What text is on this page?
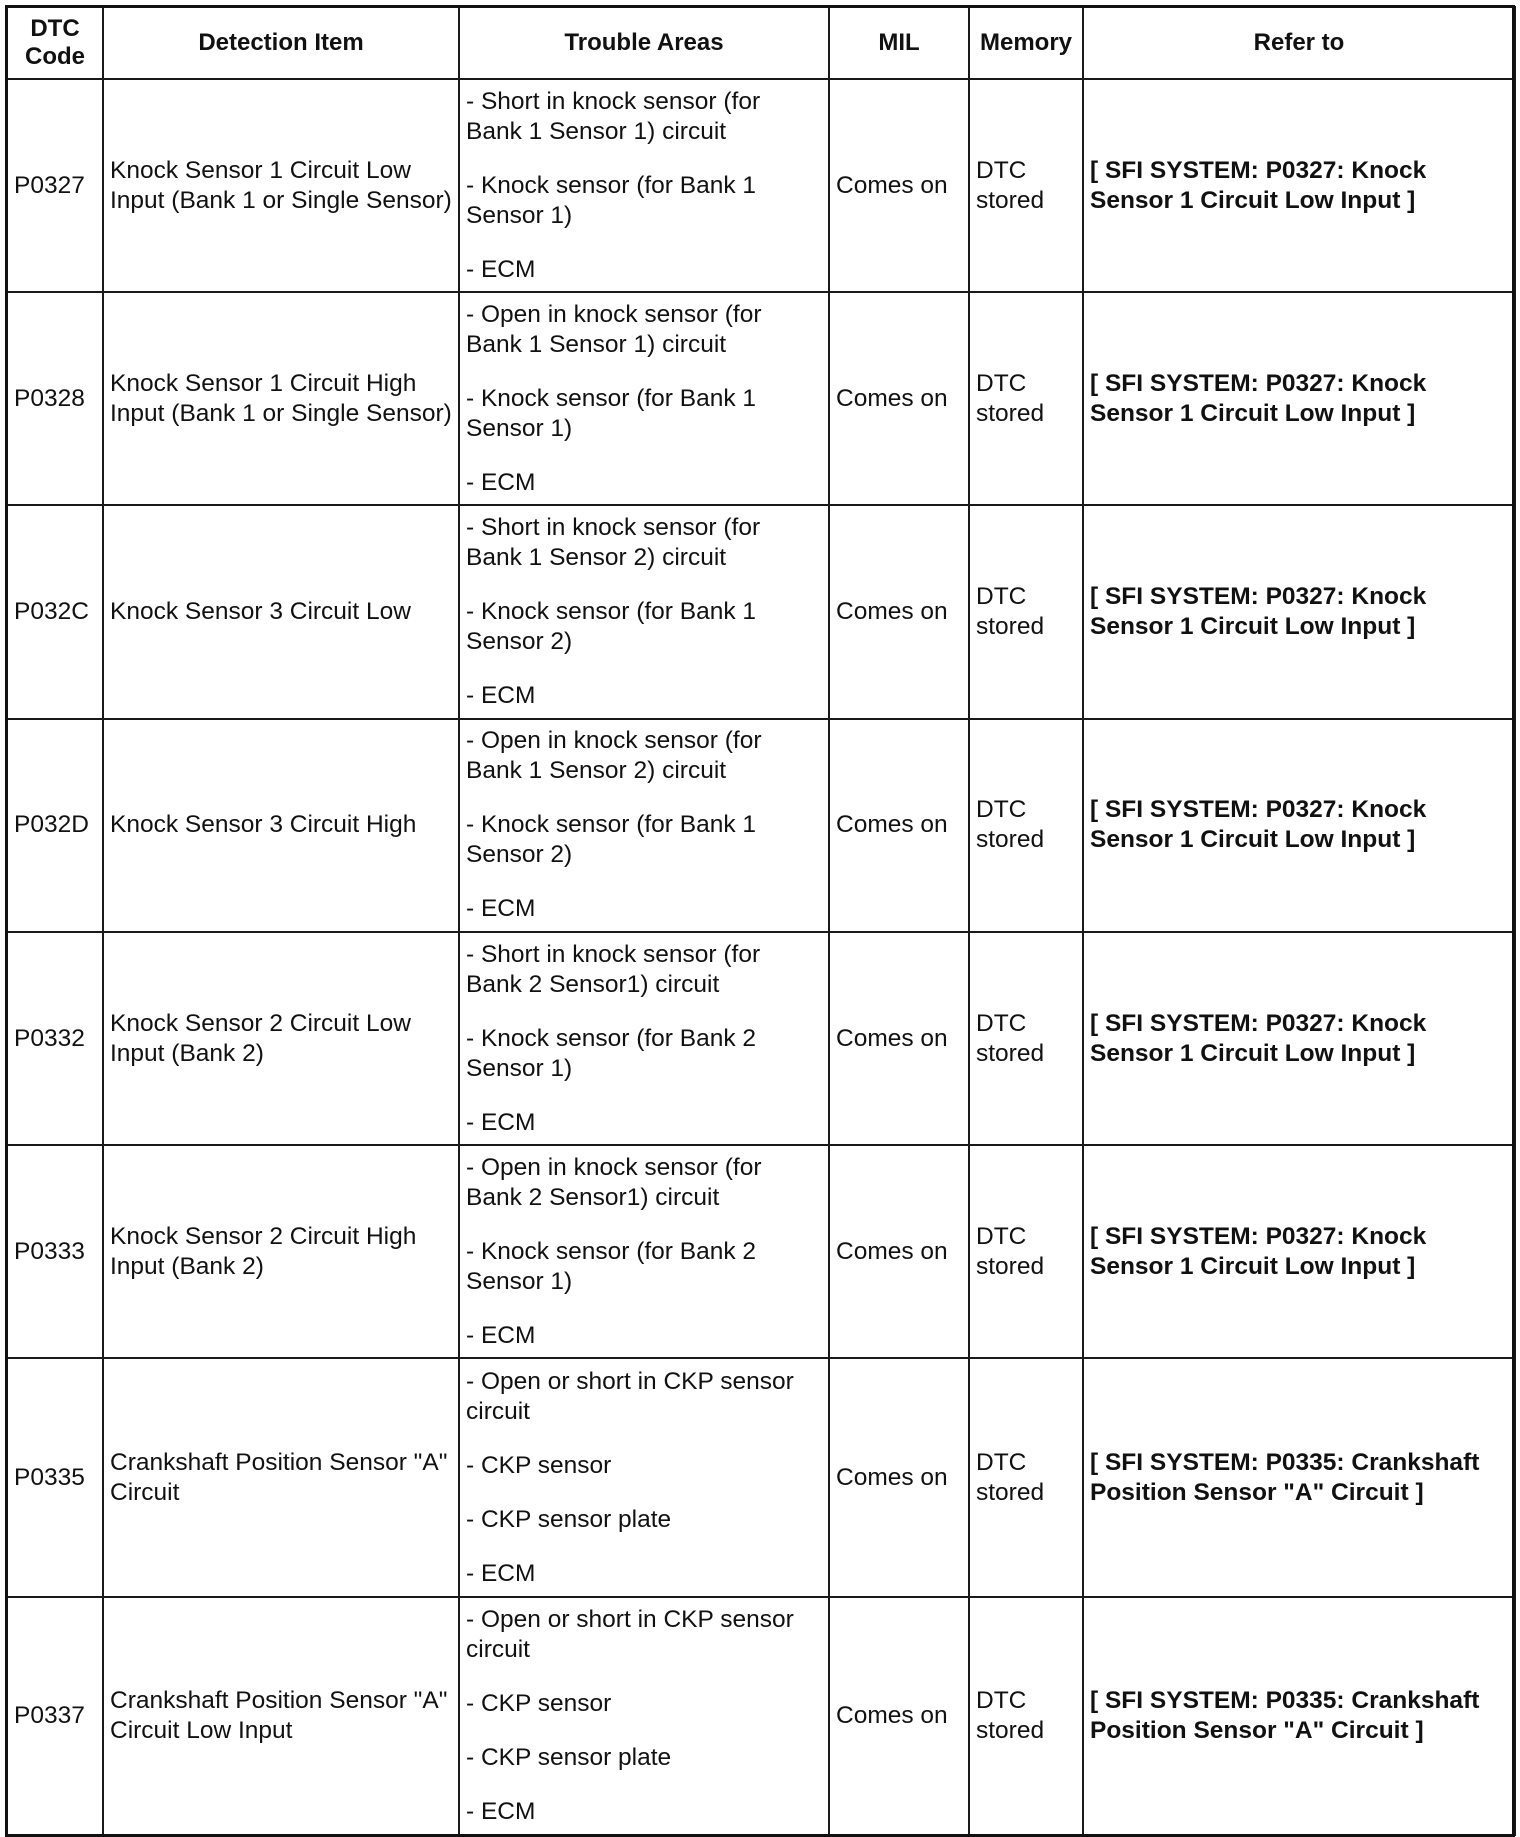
DTC Code	Detection Item	Trouble Areas	MIL	Memory	Refer to
P0327	Knock Sensor 1 Circuit Low Input (Bank 1 or Single Sensor)	- Short in knock sensor (for Bank 1 Sensor 1) circuit
- Knock sensor (for Bank 1 Sensor 1)
- ECM	Comes on	DTC stored	[ SFI SYSTEM: P0327: Knock Sensor 1 Circuit Low Input ]
P0328	Knock Sensor 1 Circuit High Input (Bank 1 or Single Sensor)	- Open in knock sensor (for Bank 1 Sensor 1) circuit
- Knock sensor (for Bank 1 Sensor 1)
- ECM	Comes on	DTC stored	[ SFI SYSTEM: P0327: Knock Sensor 1 Circuit Low Input ]
P032C	Knock Sensor 3 Circuit Low	- Short in knock sensor (for Bank 1 Sensor 2) circuit
- Knock sensor (for Bank 1 Sensor 2)
- ECM	Comes on	DTC stored	[ SFI SYSTEM: P0327: Knock Sensor 1 Circuit Low Input ]
P032D	Knock Sensor 3 Circuit High	- Open in knock sensor (for Bank 1 Sensor 2) circuit
- Knock sensor (for Bank 1 Sensor 2)
- ECM	Comes on	DTC stored	[ SFI SYSTEM: P0327: Knock Sensor 1 Circuit Low Input ]
P0332	Knock Sensor 2 Circuit Low Input (Bank 2)	- Short in knock sensor (for Bank 2 Sensor1) circuit
- Knock sensor (for Bank 2 Sensor 1)
- ECM	Comes on	DTC stored	[ SFI SYSTEM: P0327: Knock Sensor 1 Circuit Low Input ]
P0333	Knock Sensor 2 Circuit High Input (Bank 2)	- Open in knock sensor (for Bank 2 Sensor1) circuit
- Knock sensor (for Bank 2 Sensor 1)
- ECM	Comes on	DTC stored	[ SFI SYSTEM: P0327: Knock Sensor 1 Circuit Low Input ]
P0335	Crankshaft Position Sensor "A" Circuit	- Open or short in CKP sensor circuit
- CKP sensor
- CKP sensor plate
- ECM	Comes on	DTC stored	[ SFI SYSTEM: P0335: Crankshaft Position Sensor "A" Circuit ]
P0337	Crankshaft Position Sensor "A" Circuit Low Input	- Open or short in CKP sensor circuit
- CKP sensor
- CKP sensor plate
- ECM	Comes on	DTC stored	[ SFI SYSTEM: P0335: Crankshaft Position Sensor "A" Circuit ]
